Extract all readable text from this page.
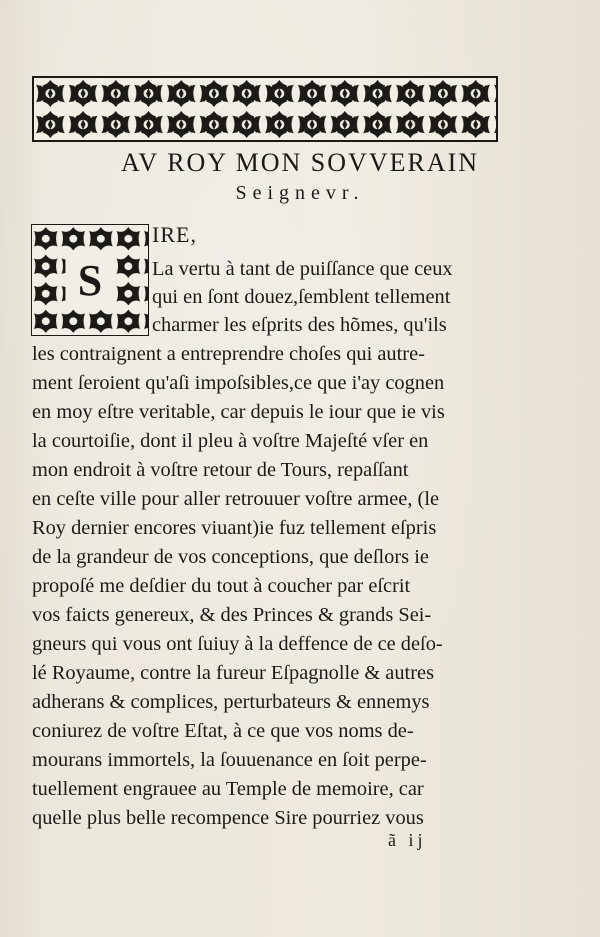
AV ROY MON SOVVERAIN
Seignevr.
S
IRE,
La vertu à tant de puiſſance que ceux
qui en ſont douez,ſemblent tellement
charmer les eſprits des hõmes, qu'ils
les contraignent a entreprendre choſes qui autre-
ment ſeroient qu'aſi impoſsibles,ce que i'ay cognen
en moy eſtre veritable, car depuis le iour que ie vis
la courtoiſie, dont il pleu à voſtre Majeſté vſer en
mon endroit à voſtre retour de Tours, repaſſant
en ceſte ville pour aller retrouuer voſtre armee, (le
Roy dernier encores viuant)ie fuz tellement eſpris
de la grandeur de vos conceptions, que deſlors ie
propoſé me deſdier du tout à coucher par eſcrit
vos faicts genereux, & des Princes & grands Sei-
gneurs qui vous ont ſuiuy à la deffence de ce deſo-
lé Royaume, contre la fureur Eſpagnolle & autres
adherans & complices, perturbateurs & ennemys
coniurez de voſtre Eſtat, à ce que vos noms de-
mourans immortels, la ſouuenance en ſoit perpe-
tuellement engrauee au Temple de memoire, car
quelle plus belle recompence Sire pourriez vous
ã ij
